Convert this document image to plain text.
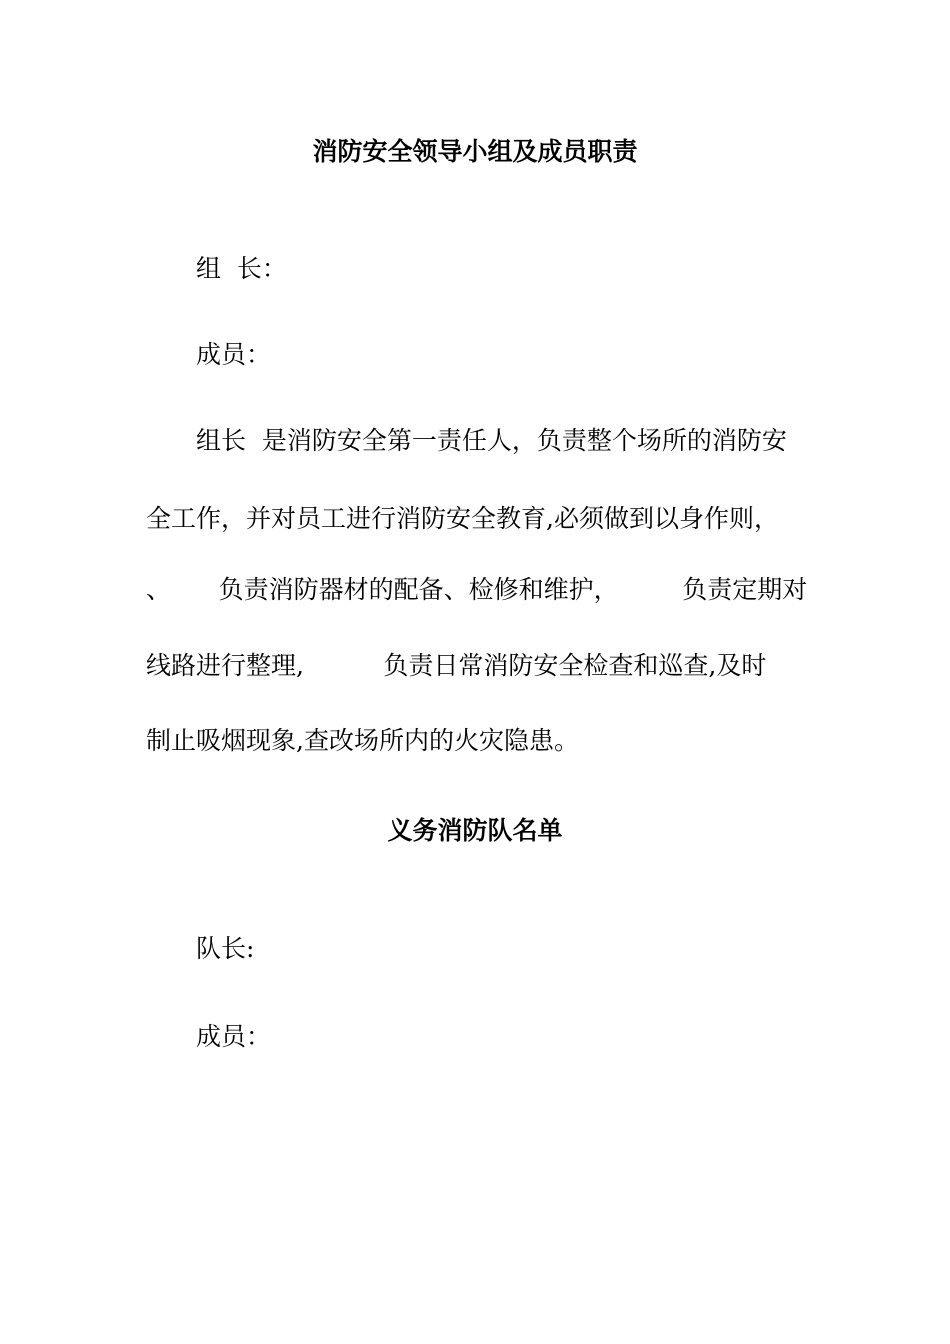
消防安全领导小组及成员职责
组  长：
成员：
组长  是消防安全第一责任人，负责整个场所的消防安
全工作，并对员工进行消防安全教育,必须做到以身作则，
、      负责消防器材的配备、检修和维护，        负责定期对
线路进行整理,          负责日常消防安全检查和巡查,及时
制止吸烟现象,查改场所内的火灾隐患。
义务消防队名单
队长:
成员：
